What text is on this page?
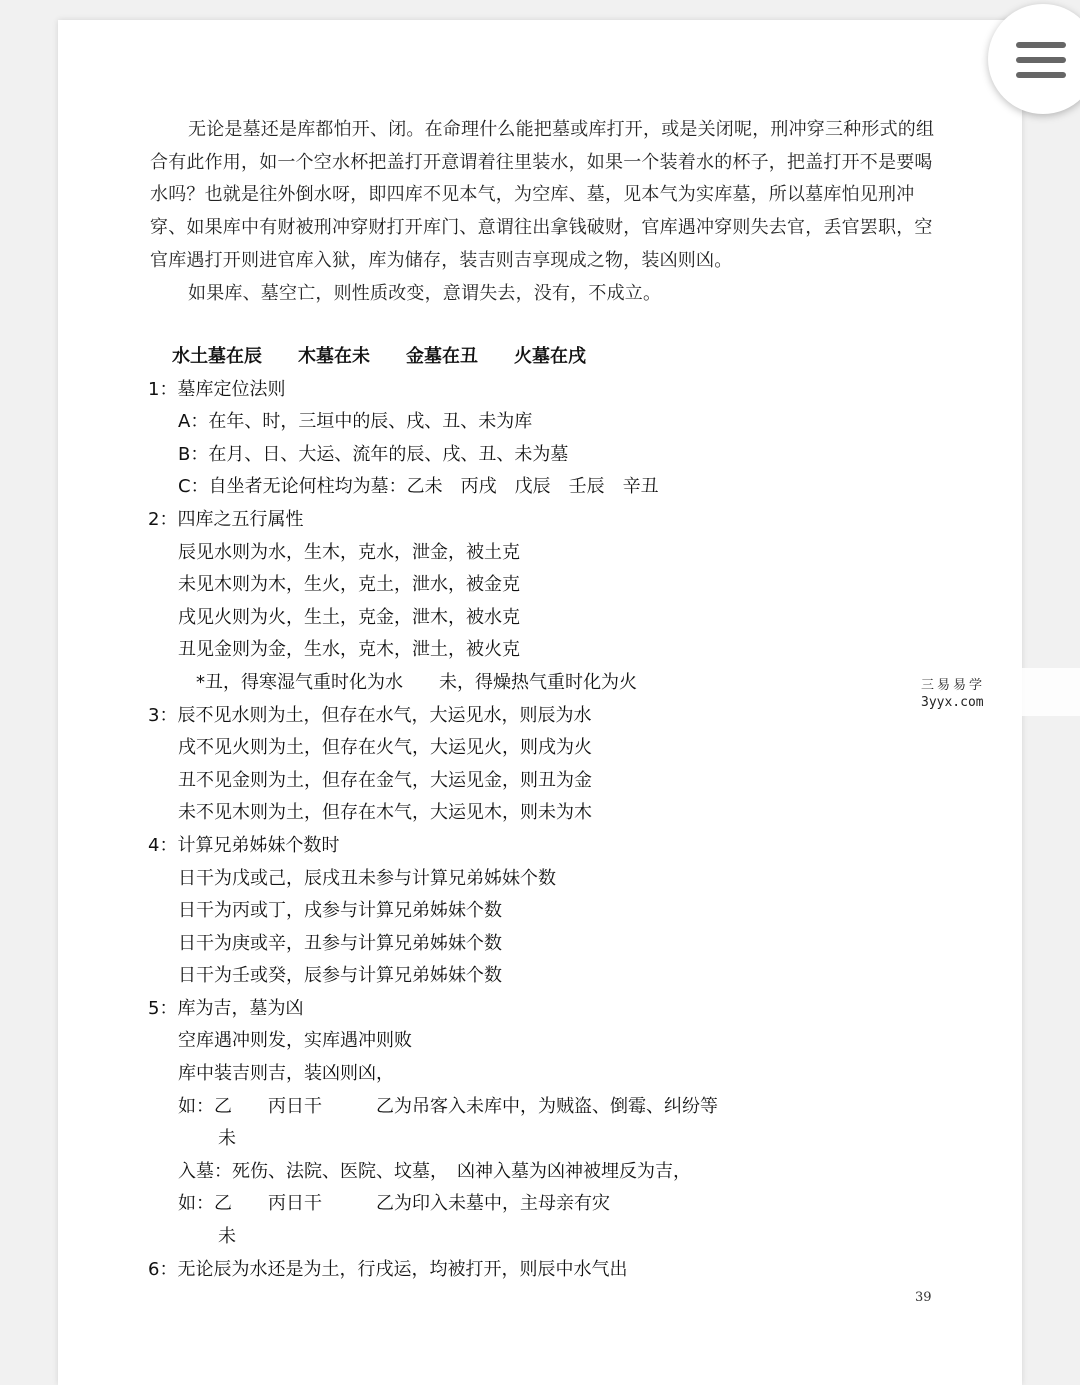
无论是墓还是库都怕开、闭。在命理什么能把墓或库打开，或是关闭呢，刑冲穿三种形式的组合有此作用，如一个空水杯把盖打开意谓着往里装水，如果一个装着水的杯子，把盖打开不是要喝水吗？也就是往外倒水呀，即四库不见本气，为空库、墓，见本气为实库墓，所以墓库怕见刑冲穿、如果库中有财被刑冲穿财打开库门、意谓往出拿钱破财，官库遇冲穿则失去官，丢官罢职，空官库遇打开则进官库入狱，库为储存，装吉则吉享现成之物，装凶则凶。

如果库、墓空亡，则性质改变，意谓失去，没有，不成立。

水土墓在辰　　木墓在未　　金墓在丑　　火墓在戌
1：墓库定位法则
A：在年、时，三垣中的辰、戌、丑、未为库
B：在月、日、大运、流年的辰、戌、丑、未为墓
C：自坐者无论何柱均为墓：乙未　丙戌　戊辰　壬辰　辛丑
2：四库之五行属性
辰见水则为水，生木，克水，泄金，被土克
未见木则为木，生火，克土，泄水，被金克
戌见火则为火，生土，克金，泄木，被水克
丑见金则为金，生水，克木，泄土，被火克
*丑，得寒湿气重时化为水　　未，得燥热气重时化为火
3：辰不见水则为土，但存在水气，大运见水，则辰为水
戌不见火则为土，但存在火气，大运见火，则戌为火
丑不见金则为土，但存在金气，大运见金，则丑为金
未不见木则为土，但存在木气，大运见木，则未为木
4：计算兄弟姊妹个数时
日干为戊或己，辰戌丑未参与计算兄弟姊妹个数
日干为丙或丁，戌参与计算兄弟姊妹个数
日干为庚或辛，丑参与计算兄弟姊妹个数
日干为壬或癸，辰参与计算兄弟姊妹个数
5：库为吉，墓为凶
空库遇冲则发，实库遇冲则败
库中装吉则吉，装凶则凶，
如：乙　　丙日干　　　乙为吊客入未库中，为贼盗、倒霉、纠纷等
未
入墓：死伤、法院、医院、坟墓，　凶神入墓为凶神被埋反为吉，
如：乙　　丙日干　　　乙为印入未墓中，主母亲有灾
未
6：无论辰为水还是为土，行戌运，均被打开，则辰中水气出
三易易学
3yyx.com
39
